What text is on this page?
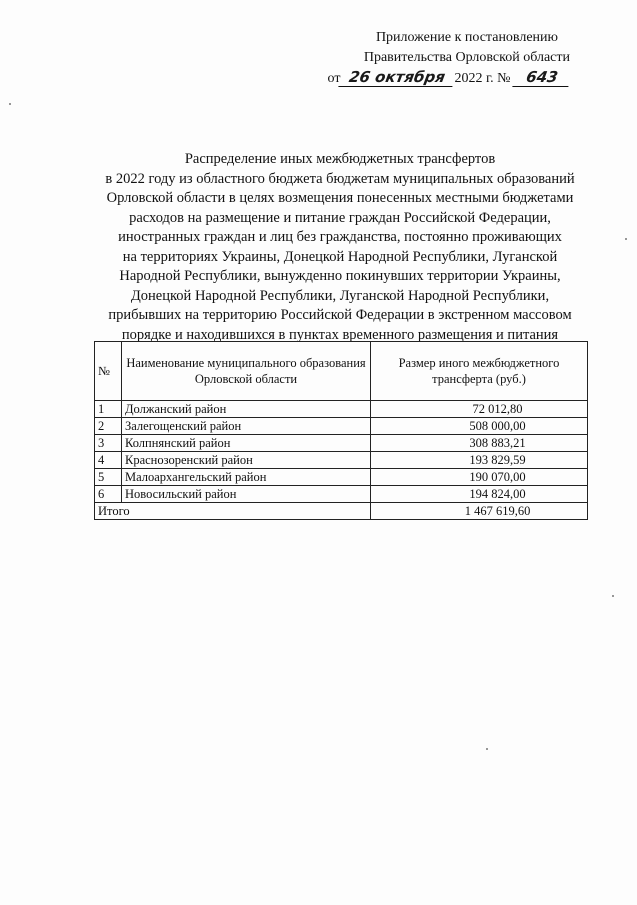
Приложение к постановлению
Правительства Орловской области
от 26 октября 2022 г. № 643
Распределение иных межбюджетных трансфертов
в 2022 году из областного бюджета бюджетам муниципальных образований
Орловской области в целях возмещения понесенных местными бюджетами
расходов на размещение и питание граждан Российской Федерации,
иностранных граждан и лиц без гражданства, постоянно проживающих
на территориях Украины, Донецкой Народной Республики, Луганской
Народной Республики, вынужденно покинувших территории Украины,
Донецкой Народной Республики, Луганской Народной Республики,
прибывших на территорию Российской Федерации в экстренном массовом
порядке и находившихся в пунктах временного размещения и питания
№	Наименование муниципального образования Орловской области	Размер иного межбюджетного трансферта (руб.)
1	Должанский район	72 012,80
2	Залегощенский район	508 000,00
3	Колпнянский район	308 883,21
4	Краснозоренский район	193 829,59
5	Малоархангельский район	190 070,00
6	Новосильский район	194 824,00
Итого		1 467 619,60
